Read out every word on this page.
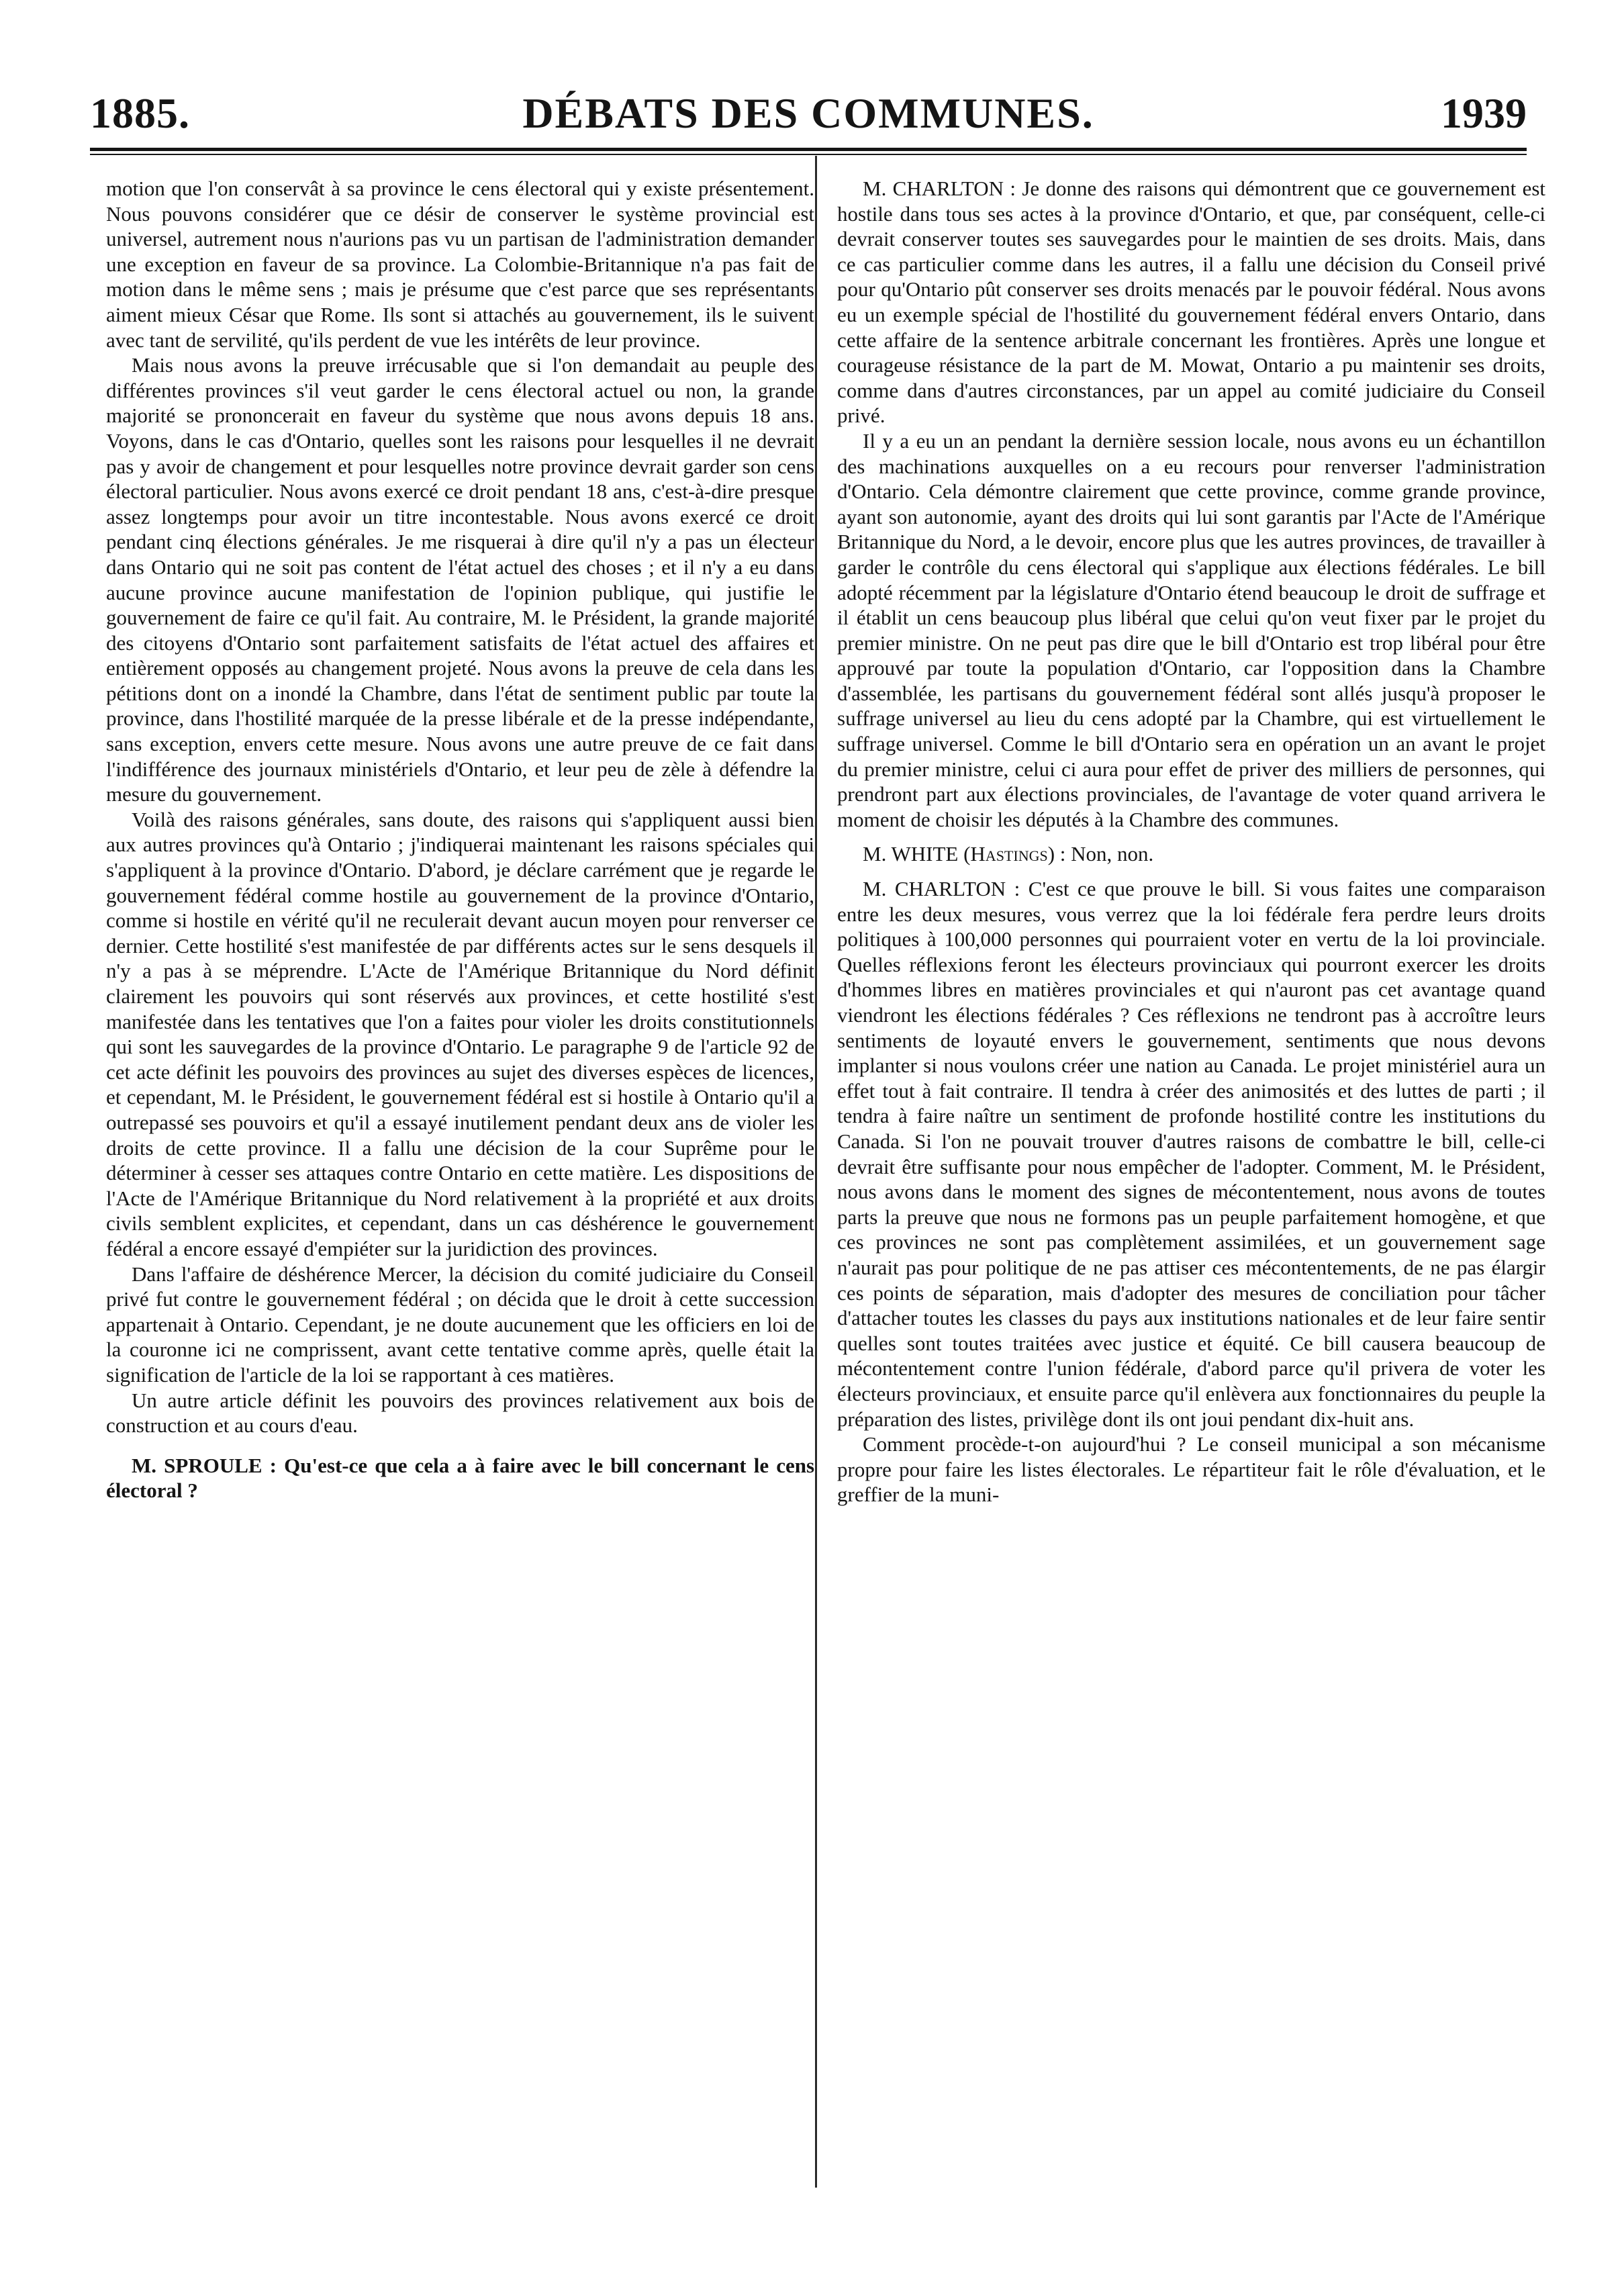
1885.	DÉBATS DES COMMUNES.	1939

motion que l'on conservât à sa province le cens électoral qui y existe présentement. Nous pouvons considérer que ce désir de conserver le système provincial est universel, autrement nous n'aurions pas vu un partisan de l'administration demander une exception en faveur de sa province. La Colombie-Britannique n'a pas fait de motion dans le même sens ; mais je présume que c'est parce que ses représentants aiment mieux César que Rome. Ils sont si attachés au gouvernement, ils le suivent avec tant de servilité, qu'ils perdent de vue les intérêts de leur province.

Mais nous avons la preuve irrécusable que si l'on demandait au peuple des différentes provinces s'il veut garder le cens électoral actuel ou non, la grande majorité se prononcerait en faveur du système que nous avons depuis 18 ans. Voyons, dans le cas d'Ontario, quelles sont les raisons pour lesquelles il ne devrait pas y avoir de changement et pour lesquelles notre province devrait garder son cens électoral particulier. Nous avons exercé ce droit pendant 18 ans, c'est-à-dire presque assez longtemps pour avoir un titre incontestable. Nous avons exercé ce droit pendant cinq élections générales. Je me risquerai à dire qu'il n'y a pas un électeur dans Ontario qui ne soit pas content de l'état actuel des choses ; et il n'y a eu dans aucune province aucune manifestation de l'opinion publique, qui justifie le gouvernement de faire ce qu'il fait. Au contraire, M. le Président, la grande majorité des citoyens d'Ontario sont parfaitement satisfaits de l'état actuel des affaires et entièrement opposés au changement projeté. Nous avons la preuve de cela dans les pétitions dont on a inondé la Chambre, dans l'état de sentiment public par toute la province, dans l'hostilité marquée de la presse libérale et de la presse indépendante, sans exception, envers cette mesure. Nous avons une autre preuve de ce fait dans l'indifférence des journaux ministériels d'Ontario, et leur peu de zèle à défendre la mesure du gouvernement.

Voilà des raisons générales, sans doute, des raisons qui s'appliquent aussi bien aux autres provinces qu'à Ontario ; j'indiquerai maintenant les raisons spéciales qui s'appliquent à la province d'Ontario. D'abord, je déclare carrément que je regarde le gouvernement fédéral comme hostile au gouvernement de la province d'Ontario, comme si hostile en vérité qu'il ne reculerait devant aucun moyen pour renverser ce dernier. Cette hostilité s'est manifestée de par différents actes sur le sens desquels il n'y a pas à se méprendre. L'Acte de l'Amérique Britannique du Nord définit clairement les pouvoirs qui sont réservés aux provinces, et cette hostilité s'est manifestée dans les tentatives que l'on a faites pour violer les droits constitutionnels qui sont les sauvegardes de la province d'Ontario. Le paragraphe 9 de l'article 92 de cet acte définit les pouvoirs des provinces au sujet des diverses espèces de licences, et cependant, M. le Président, le gouvernement fédéral est si hostile à Ontario qu'il a outrepassé ses pouvoirs et qu'il a essayé inutilement pendant deux ans de violer les droits de cette province. Il a fallu une décision de la cour Suprême pour le déterminer à cesser ses attaques contre Ontario en cette matière. Les dispositions de l'Acte de l'Amérique Britannique du Nord relativement à la propriété et aux droits civils semblent explicites, et cependant, dans un cas déshérence le gouvernement fédéral a encore essayé d'empiéter sur la juridiction des provinces.

Dans l'affaire de déshérence Mercer, la décision du comité judiciaire du Conseil privé fut contre le gouvernement fédéral ; on décida que le droit à cette succession appartenait à Ontario. Cependant, je ne doute aucunement que les officiers en loi de la couronne ici ne comprissent, avant cette tentative comme après, quelle était la signification de l'article de la loi se rapportant à ces matières.

Un autre article définit les pouvoirs des provinces relativement aux bois de construction et au cours d'eau.

M. SPROULE : Qu'est-ce que cela a à faire avec le bill concernant le cens électoral ?

M. CHARLTON : Je donne des raisons qui démontrent que ce gouvernement est hostile dans tous ses actes à la province d'Ontario, et que, par conséquent, celle-ci devrait conserver toutes ses sauvegardes pour le maintien de ses droits. Mais, dans ce cas particulier comme dans les autres, il a fallu une décision du Conseil privé pour qu'Ontario pût conserver ses droits menacés par le pouvoir fédéral. Nous avons eu un exemple spécial de l'hostilité du gouvernement fédéral envers Ontario, dans cette affaire de la sentence arbitrale concernant les frontières. Après une longue et courageuse résistance de la part de M. Mowat, Ontario a pu maintenir ses droits, comme dans d'autres circonstances, par un appel au comité judiciaire du Conseil privé.

Il y a eu un an pendant la dernière session locale, nous avons eu un échantillon des machinations auxquelles on a eu recours pour renverser l'administration d'Ontario. Cela démontre clairement que cette province, comme grande province, ayant son autonomie, ayant des droits qui lui sont garantis par l'Acte de l'Amérique Britannique du Nord, a le devoir, encore plus que les autres provinces, de travailler à garder le contrôle du cens électoral qui s'applique aux élections fédérales. Le bill adopté récemment par la législature d'Ontario étend beaucoup le droit de suffrage et il établit un cens beaucoup plus libéral que celui qu'on veut fixer par le projet du premier ministre. On ne peut pas dire que le bill d'Ontario est trop libéral pour être approuvé par toute la population d'Ontario, car l'opposition dans la Chambre d'assemblée, les partisans du gouvernement fédéral sont allés jusqu'à proposer le suffrage universel au lieu du cens adopté par la Chambre, qui est virtuellement le suffrage universel. Comme le bill d'Ontario sera en opération un an avant le projet du premier ministre, celui ci aura pour effet de priver des milliers de personnes, qui prendront part aux élections provinciales, de l'avantage de voter quand arrivera le moment de choisir les députés à la Chambre des communes.

M. WHITE (Hastings) : Non, non.

M. CHARLTON : C'est ce que prouve le bill. Si vous faites une comparaison entre les deux mesures, vous verrez que la loi fédérale fera perdre leurs droits politiques à 100,000 personnes qui pourraient voter en vertu de la loi provinciale. Quelles réflexions feront les électeurs provinciaux qui pourront exercer les droits d'hommes libres en matières provinciales et qui n'auront pas cet avantage quand viendront les élections fédérales ? Ces réflexions ne tendront pas à accroître leurs sentiments de loyauté envers le gouvernement, sentiments que nous devons implanter si nous voulons créer une nation au Canada. Le projet ministériel aura un effet tout à fait contraire. Il tendra à créer des animosités et des luttes de parti ; il tendra à faire naître un sentiment de profonde hostilité contre les institutions du Canada. Si l'on ne pouvait trouver d'autres raisons de combattre le bill, celle-ci devrait être suffisante pour nous empêcher de l'adopter. Comment, M. le Président, nous avons dans le moment des signes de mécontentement, nous avons de toutes parts la preuve que nous ne formons pas un peuple parfaitement homogène, et que ces provinces ne sont pas complètement assimilées, et un gouvernement sage n'aurait pas pour politique de ne pas attiser ces mécontentements, de ne pas élargir ces points de séparation, mais d'adopter des mesures de conciliation pour tâcher d'attacher toutes les classes du pays aux institutions nationales et de leur faire sentir quelles sont toutes traitées avec justice et équité. Ce bill causera beaucoup de mécontentement contre l'union fédérale, d'abord parce qu'il privera de voter les électeurs provinciaux, et ensuite parce qu'il enlèvera aux fonctionnaires du peuple la préparation des listes, privilège dont ils ont joui pendant dix-huit ans.

Comment procède-t-on aujourd'hui ? Le conseil municipal a son mécanisme propre pour faire les listes électorales. Le répartiteur fait le rôle d'évaluation, et le greffier de la muni-
